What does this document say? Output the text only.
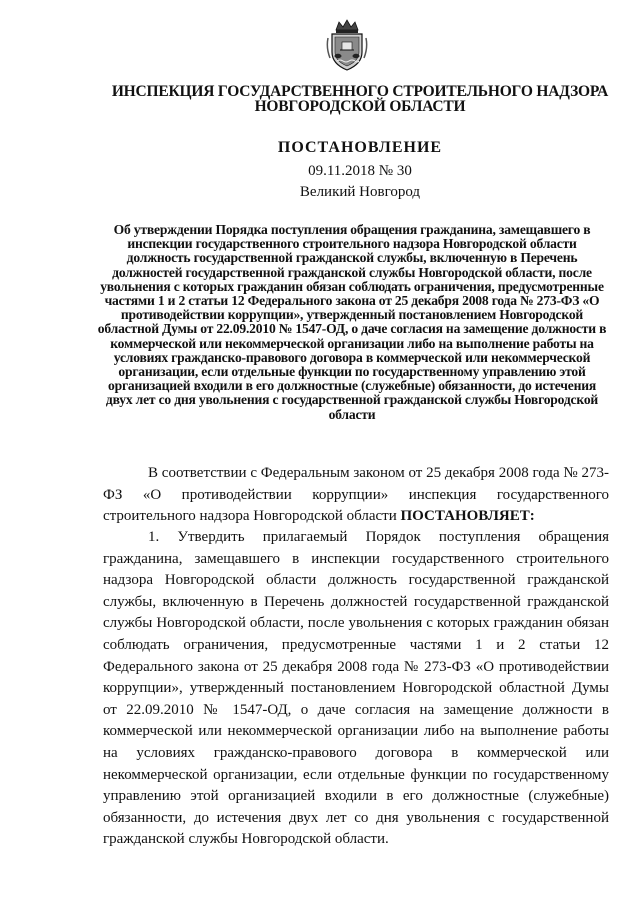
ИНСПЕКЦИЯ ГОСУДАРСТВЕННОГО СТРОИТЕЛЬНОГО НАДЗОРА НОВГОРОДСКОЙ ОБЛАСТИ
ПОСТАНОВЛЕНИЕ
09.11.2018 № 30
Великий Новгород
Об утверждении Порядка поступления обращения гражданина, замещавшего в инспекции государственного строительного надзора Новгородской области должность государственной гражданской службы, включенную в Перечень должностей государственной гражданской службы Новгородской области, после увольнения с которых гражданин обязан соблюдать ограничения, предусмотренные частями 1 и 2 статьи 12 Федерального закона от 25 декабря 2008 года № 273-ФЗ «О противодействии коррупции», утвержденный постановлением Новгородской областной Думы от 22.09.2010 № 1547-ОД, о даче согласия на замещение должности в коммерческой или некоммерческой организации либо на выполнение работы на условиях гражданско-правового договора в коммерческой или некоммерческой организации, если отдельные функции по государственному управлению этой организацией входили в его должностные (служебные) обязанности, до истечения двух лет со дня увольнения с государственной гражданской службы Новгородской области
В соответствии с Федеральным законом от 25 декабря 2008 года № 273-ФЗ «О противодействии коррупции» инспекция государственного строительного надзора Новгородской области ПОСТАНОВЛЯЕТ:
1. Утвердить прилагаемый Порядок поступления обращения гражданина, замещавшего в инспекции государственного строительного надзора Новгородской области должность государственной гражданской службы, включенную в Перечень должностей государственной гражданской службы Новгородской области, после увольнения с которых гражданин обязан соблюдать ограничения, предусмотренные частями 1 и 2 статьи 12 Федерального закона от 25 декабря 2008 года № 273-ФЗ «О противодействии коррупции», утвержденный постановлением Новгородской областной Думы от 22.09.2010 № 1547-ОД, о даче согласия на замещение должности в коммерческой или некоммерческой организации либо на выполнение работы на условиях гражданско-правового договора в коммерческой или некоммерческой организации, если отдельные функции по государственному управлению этой организацией входили в его должностные (служебные) обязанности, до истечения двух лет со дня увольнения с государственной гражданской службы Новгородской области.
